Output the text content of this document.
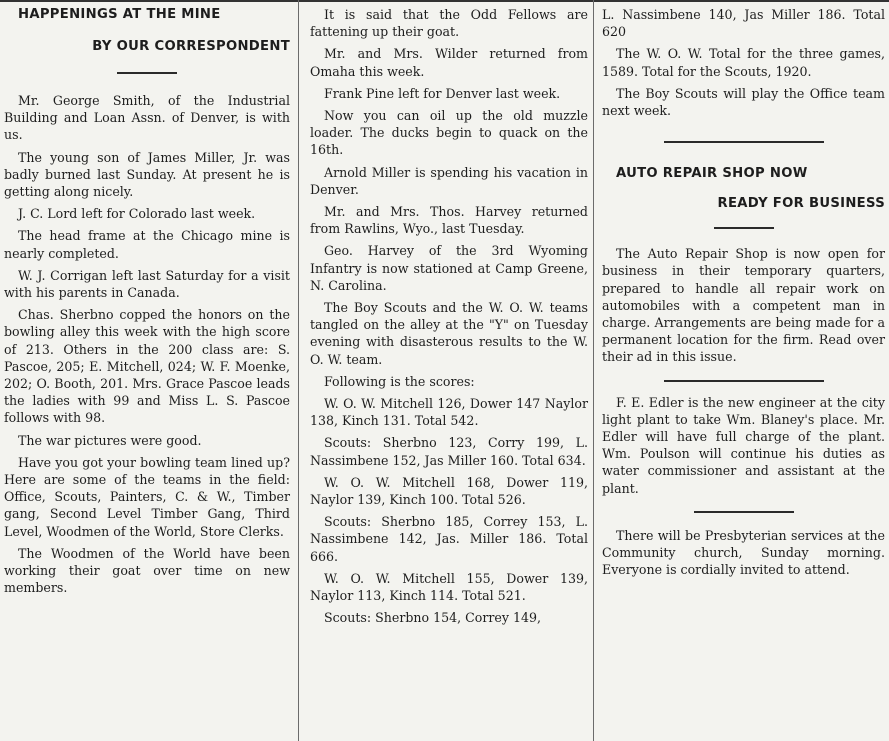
HAPPENINGS AT THE MINE

BY OUR CORRESPONDENT

Mr. George Smith, of the Industrial Building and Loan Assn. of Denver, is with us.

The young son of James Miller, Jr. was badly burned last Sunday. At present he is getting along nicely.

J. C. Lord left for Colorado last week.

The head frame at the Chicago mine is nearly completed.

W. J. Corrigan left last Saturday for a visit with his parents in Canada.

Chas. Sherbno copped the honors on the bowling alley this week with the high score of 213. Others in the 200 class are: S. Pascoe, 205; E. Mitchell, 024; W. F. Moenke, 202; O. Booth, 201. Mrs. Grace Pascoe leads the ladies with 99 and Miss L. S. Pascoe follows with 98.

The war pictures were good.

Have you got your bowling team lined up? Here are some of the teams in the field: Office, Scouts, Painters, C. & W., Timber gang, Second Level Timber Gang, Third Level, Woodmen of the World, Store Clerks.

The Woodmen of the World have been working their goat over time on new members.

It is said that the Odd Fellows are fattening up their goat.

Mr. and Mrs. Wilder returned from Omaha this week.

Frank Pine left for Denver last week.

Now you can oil up the old muzzle loader. The ducks begin to quack on the 16th.

Arnold Miller is spending his vacation in Denver.

Mr. and Mrs. Thos. Harvey returned from Rawlins, Wyo., last Tuesday.

Geo. Harvey of the 3rd Wyoming Infantry is now stationed at Camp Greene, N. Carolina.

The Boy Scouts and the W. O. W. teams tangled on the alley at the "Y" on Tuesday evening with disasterous results to the W. O. W. team.

Following is the scores:

W. O. W. Mitchell 126, Dower 147 Naylor 138, Kinch 131. Total 542.

Scouts: Sherbno 123, Corry 199, L. Nassimbene 152, Jas Miller 160. Total 634.

W. O. W. Mitchell 168, Dower 119, Naylor 139, Kinch 100. Total 526.

Scouts: Sherbno 185, Correy 153, L. Nassimbene 142, Jas. Miller 186. Total 666.

W. O. W. Mitchell 155, Dower 139, Naylor 113, Kinch 114. Total 521.

Scouts: Sherbno 154, Correy 149,

L. Nassimbene 140, Jas Miller 186. Total 620

The W. O. W. Total for the three games, 1589. Total for the Scouts, 1920.

The Boy Scouts will play the Office team next week.

AUTO REPAIR SHOP NOW

READY FOR BUSINESS

The Auto Repair Shop is now open for business in their temporary quarters, prepared to handle all repair work on automobiles with a competent man in charge. Arrangements are being made for a permanent location for the firm. Read over their ad in this issue.

F. E. Edler is the new engineer at the city light plant to take Wm. Blaney's place. Mr. Edler will have full charge of the plant. Wm. Poulson will continue his duties as water commissioner and assistant at the plant.

There will be Presbyterian services at the Community church, Sunday morning. Everyone is cordially invited to attend.
